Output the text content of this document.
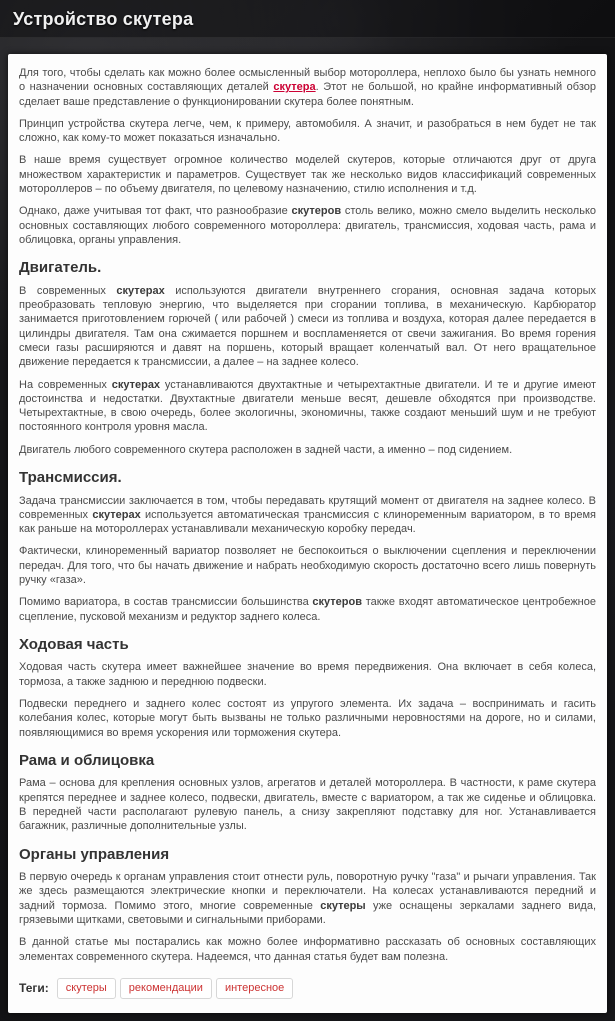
Устройство скутера

Для того, чтобы сделать как можно более осмысленный выбор мотороллера, неплохо было бы узнать немного о назначении основных составляющих деталей скутера. Этот не большой, но крайне информативный обзор сделает ваше представление о функционировании скутера более понятным.

Принцип устройства скутера легче, чем, к примеру, автомобиля. А значит, и разобраться в нем будет не так сложно, как кому-то может показаться изначально.

В наше время существует огромное количество моделей скутеров, которые отличаются друг от друга множеством характеристик и параметров. Существует так же несколько видов классификаций современных мотороллеров – по объему двигателя, по целевому назначению, стилю исполнения и т.д.

Однако, даже учитывая тот факт, что разнообразие скутеров столь велико, можно смело выделить несколько основных составляющих любого современного мотороллера: двигатель, трансмиссия, ходовая часть, рама и облицовка, органы управления.

Двигатель.

В современных скутерах используются двигатели внутреннего сгорания, основная задача которых преобразовать тепловую энергию, что выделяется при сгорании топлива, в механическую. Карбюратор занимается приготовлением горючей ( или рабочей ) смеси из топлива и воздуха, которая далее передается в цилиндры двигателя. Там она сжимается поршнем и воспламеняется от свечи зажигания. Во время горения смеси газы расширяются и давят на поршень, который вращает коленчатый вал. От него вращательное движение передается к трансмиссии, а далее – на заднее колесо.

На современных скутерах устанавливаются двухтактные и четырехтактные двигатели. И те и другие имеют достоинства и недостатки. Двухтактные двигатели меньше весят, дешевле обходятся при производстве. Четырехтактные, в свою очередь, более экологичны, экономичны, также создают меньший шум и не требуют постоянного контроля уровня масла.

Двигатель любого современного скутера расположен в задней части, а именно – под сидением.

Трансмиссия.

Задача трансмиссии заключается в том, чтобы передавать крутящий момент от двигателя на заднее колесо. В современных скутерах используется автоматическая трансмиссия с клиноременным вариатором, в то время как раньше на мотороллерах устанавливали механическую коробку передач.

Фактически, клиноременный вариатор позволяет не беспокоиться о выключении сцепления и переключении передач. Для того, что бы начать движение и набрать необходимую скорость достаточно всего лишь повернуть ручку «газа».

Помимо вариатора, в состав трансмиссии большинства скутеров также входят автоматическое центробежное сцепление, пусковой механизм и редуктор заднего колеса.

Ходовая часть

Ходовая часть скутера имеет важнейшее значение во время передвижения. Она включает в себя колеса, тормоза, а также заднюю и переднюю подвески.

Подвески переднего и заднего колес состоят из упругого элемента. Их задача – воспринимать и гасить колебания колес, которые могут быть вызваны не только различными неровностями на дороге, но и силами, появляющимися во время ускорения или торможения скутера.

Рама и облицовка

Рама – основа для крепления основных узлов, агрегатов и деталей мотороллера. В частности, к раме скутера крепятся переднее и заднее колесо, подвески, двигатель, вместе с вариатором, а так же сиденье и облицовка. В передней части располагают рулевую панель, а снизу закрепляют подставку для ног. Устанавливается багажник, различные дополнительные узлы.

Органы управления

В первую очередь к органам управления стоит отнести руль, поворотную ручку "газа" и рычаги управления. Так же здесь размещаются электрические кнопки и переключатели. На колесах устанавливаются передний и задний тормоза. Помимо этого, многие современные скутеры уже оснащены зеркалами заднего вида, грязевыми щитками, световыми и сигнальными приборами.

В данной статье мы постарались как можно более информативно рассказать об основных составляющих элементах современного скутера. Надеемся, что данная статья будет вам полезна.

Теги:	скутеры рекомендации интересное
